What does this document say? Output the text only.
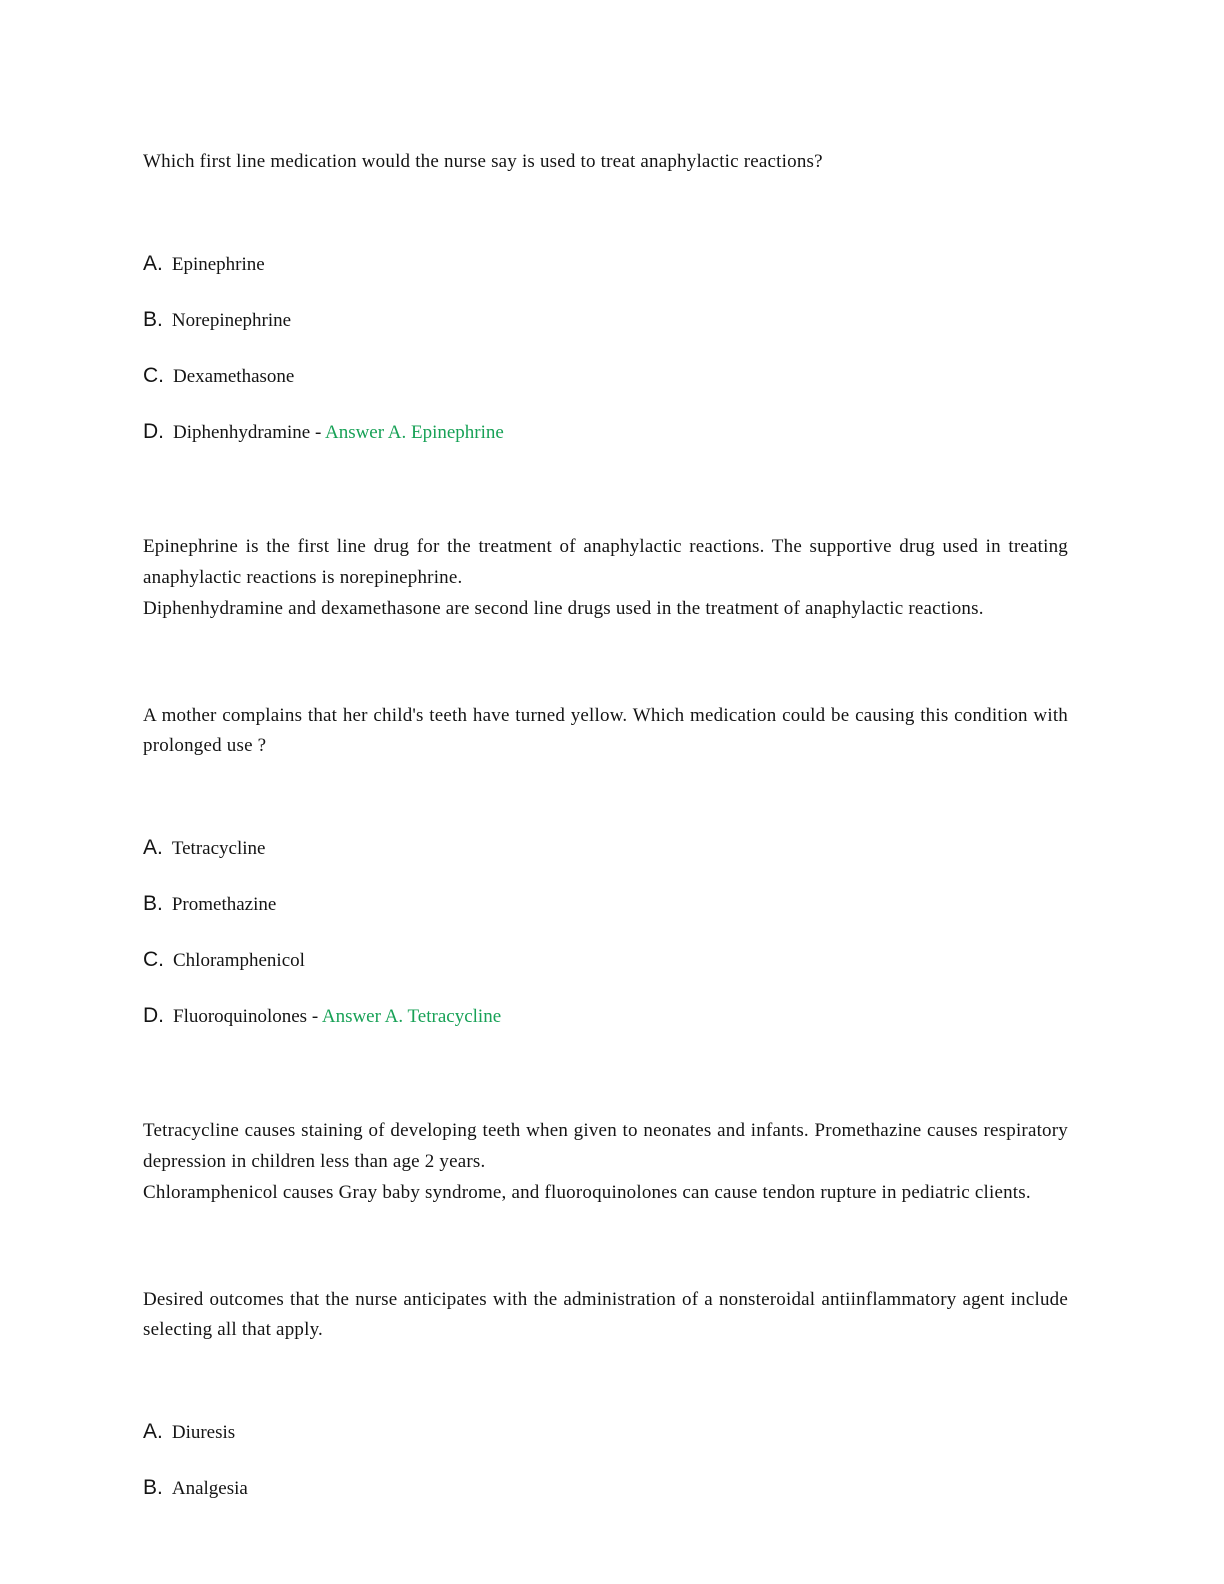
Which first line medication would the nurse say is used to treat anaphylactic reactions?

A. Epinephrine
B. Norepinephrine
C. Dexamethasone
D. Diphenhydramine - Answer A. Epinephrine

Epinephrine is the first line drug for the treatment of anaphylactic reactions. The supportive drug used in treating anaphylactic reactions is norepinephrine.
Diphenhydramine and dexamethasone are second line drugs used in the treatment of anaphylactic reactions.

A mother complains that her child's teeth have turned yellow. Which medication could be causing this condition with prolonged use ?

A. Tetracycline
B. Promethazine
C. Chloramphenicol
D. Fluoroquinolones - Answer A. Tetracycline

Tetracycline causes staining of developing teeth when given to neonates and infants. Promethazine causes respiratory depression in children less than age 2 years.
Chloramphenicol causes Gray baby syndrome, and fluoroquinolones can cause tendon rupture in pediatric clients.

Desired outcomes that the nurse anticipates with the administration of a nonsteroidal antiinflammatory agent include selecting all that apply.

A. Diuresis
B. Analgesia
